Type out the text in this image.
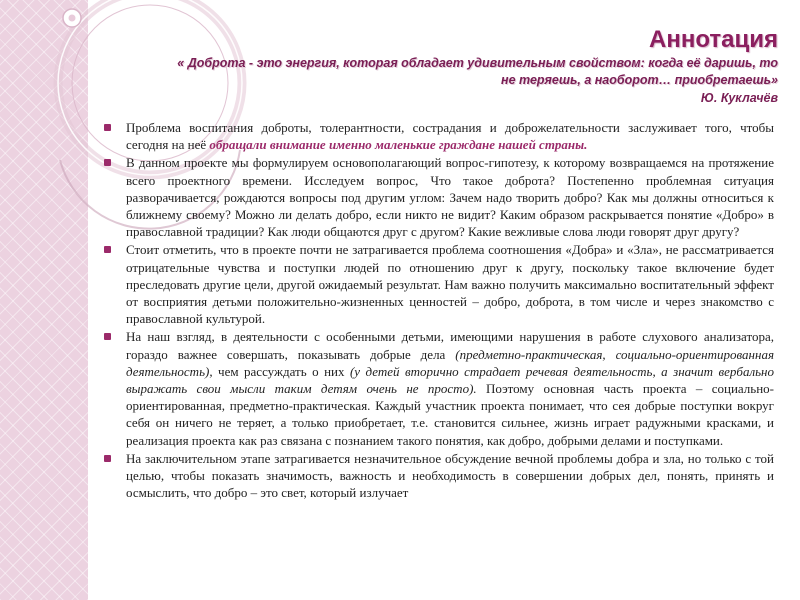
Аннотация
« Доброта - это энергия, которая обладает удивительным свойством: когда её даришь, то
не теряешь, а наоборот… приобретаешь»
Ю. Куклачёв

Проблема воспитания доброты, толерантности, сострадания и доброжелательности заслуживает того, чтобы сегодня на неё обращали внимание именно маленькие граждане нашей страны.

В данном проекте мы формулируем основополагающий вопрос-гипотезу, к которому возвращаемся на протяжение всего проектного времени. Исследуем вопрос, Что такое доброта? Постепенно проблемная ситуация разворачивается, рождаются вопросы под другим углом: Зачем надо творить добро? Как мы должны относиться к ближнему своему? Можно ли делать добро, если никто не видит? Каким образом раскрывается понятие «Добро» в православной традиции? Как люди общаются друг с другом? Какие вежливые слова люди говорят друг другу?

Стоит отметить, что в проекте почти не затрагивается проблема соотношения «Добра» и «Зла», не рассматривается отрицательные чувства и поступки людей по отношению друг к другу, поскольку такое включение будет преследовать другие цели, другой ожидаемый результат. Нам важно получить максимально воспитательный эффект от восприятия детьми положительно-жизненных ценностей – добро, доброта, в том числе и через знакомство с православной культурой.

На наш взгляд, в деятельности с особенными детьми, имеющими нарушения в работе слухового анализатора, гораздо важнее совершать, показывать добрые дела (предметно-практическая, социально-ориентированная деятельность), чем рассуждать о них (у детей вторично страдает речевая деятельность, а значит вербально выражать свои мысли таким детям очень не просто). Поэтому основная часть проекта – социально-ориентированная, предметно-практическая. Каждый участник проекта понимает, что сея добрые поступки вокруг себя он ничего не теряет, а только приобретает, т.е. становится сильнее, жизнь играет радужными красками, и реализация проекта как раз связана с познанием такого понятия, как добро, добрыми делами и поступками.

На заключительном этапе затрагивается незначительное обсуждение вечной проблемы добра и зла, но только с той целью, чтобы показать значимость, важность и необходимость в совершении добрых дел, понять, принять и осмыслить, что добро – это свет, который излучает
